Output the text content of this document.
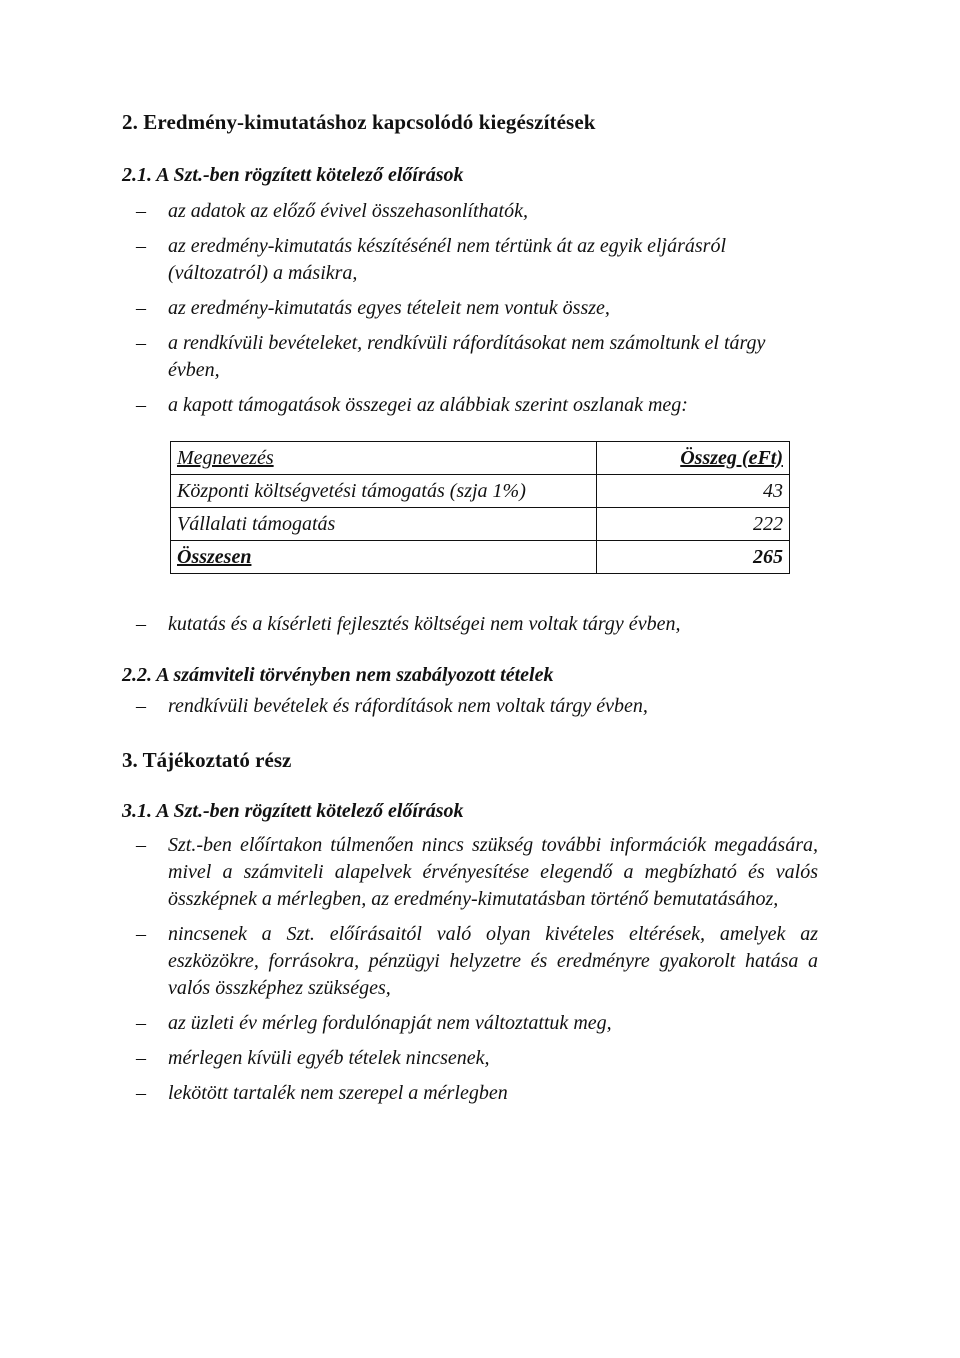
2. Eredmény-kimutatáshoz kapcsolódó kiegészítések
2.1. A Szt.-ben rögzített kötelező előírások
– az adatok az előző évivel összehasonlíthatók,
– az eredmény-kimutatás készítésénél nem tértünk át az egyik eljárásról (változatról) a másikra,
– az eredmény-kimutatás egyes tételeit nem vontuk össze,
– a rendkívüli bevételeket, rendkívüli ráfordításokat nem számoltunk el tárgy évben,
– a kapott támogatások összegei az alábbiak szerint oszlanak meg:
Megnevezés	Összeg (eFt)
Központi költségvetési támogatás (szja 1%)	43
Vállalati támogatás	222
Összesen	265
– kutatás és a kísérleti fejlesztés költségei nem voltak tárgy évben,
2.2. A számviteli törvényben nem szabályozott tételek
– rendkívüli bevételek és ráfordítások nem voltak tárgy évben,
3. Tájékoztató rész
3.1. A Szt.-ben rögzített kötelező előírások
– Szt.-ben előírtakon túlmenően nincs szükség további információk megadására, mivel a számviteli alapelvek érvényesítése elegendő a megbízható és valós összképnek a mérlegben, az eredmény-kimutatásban történő bemutatásához,
– nincsenek a Szt. előírásaitól való olyan kivételes eltérések, amelyek az eszközökre, forrásokra, pénzügyi helyzetre és eredményre gyakorolt hatása a valós összképhez szükséges,
– az üzleti év mérleg fordulónapját nem változtattuk meg,
– mérlegen kívüli egyéb tételek nincsenek,
– lekötött tartalék nem szerepel a mérlegben
